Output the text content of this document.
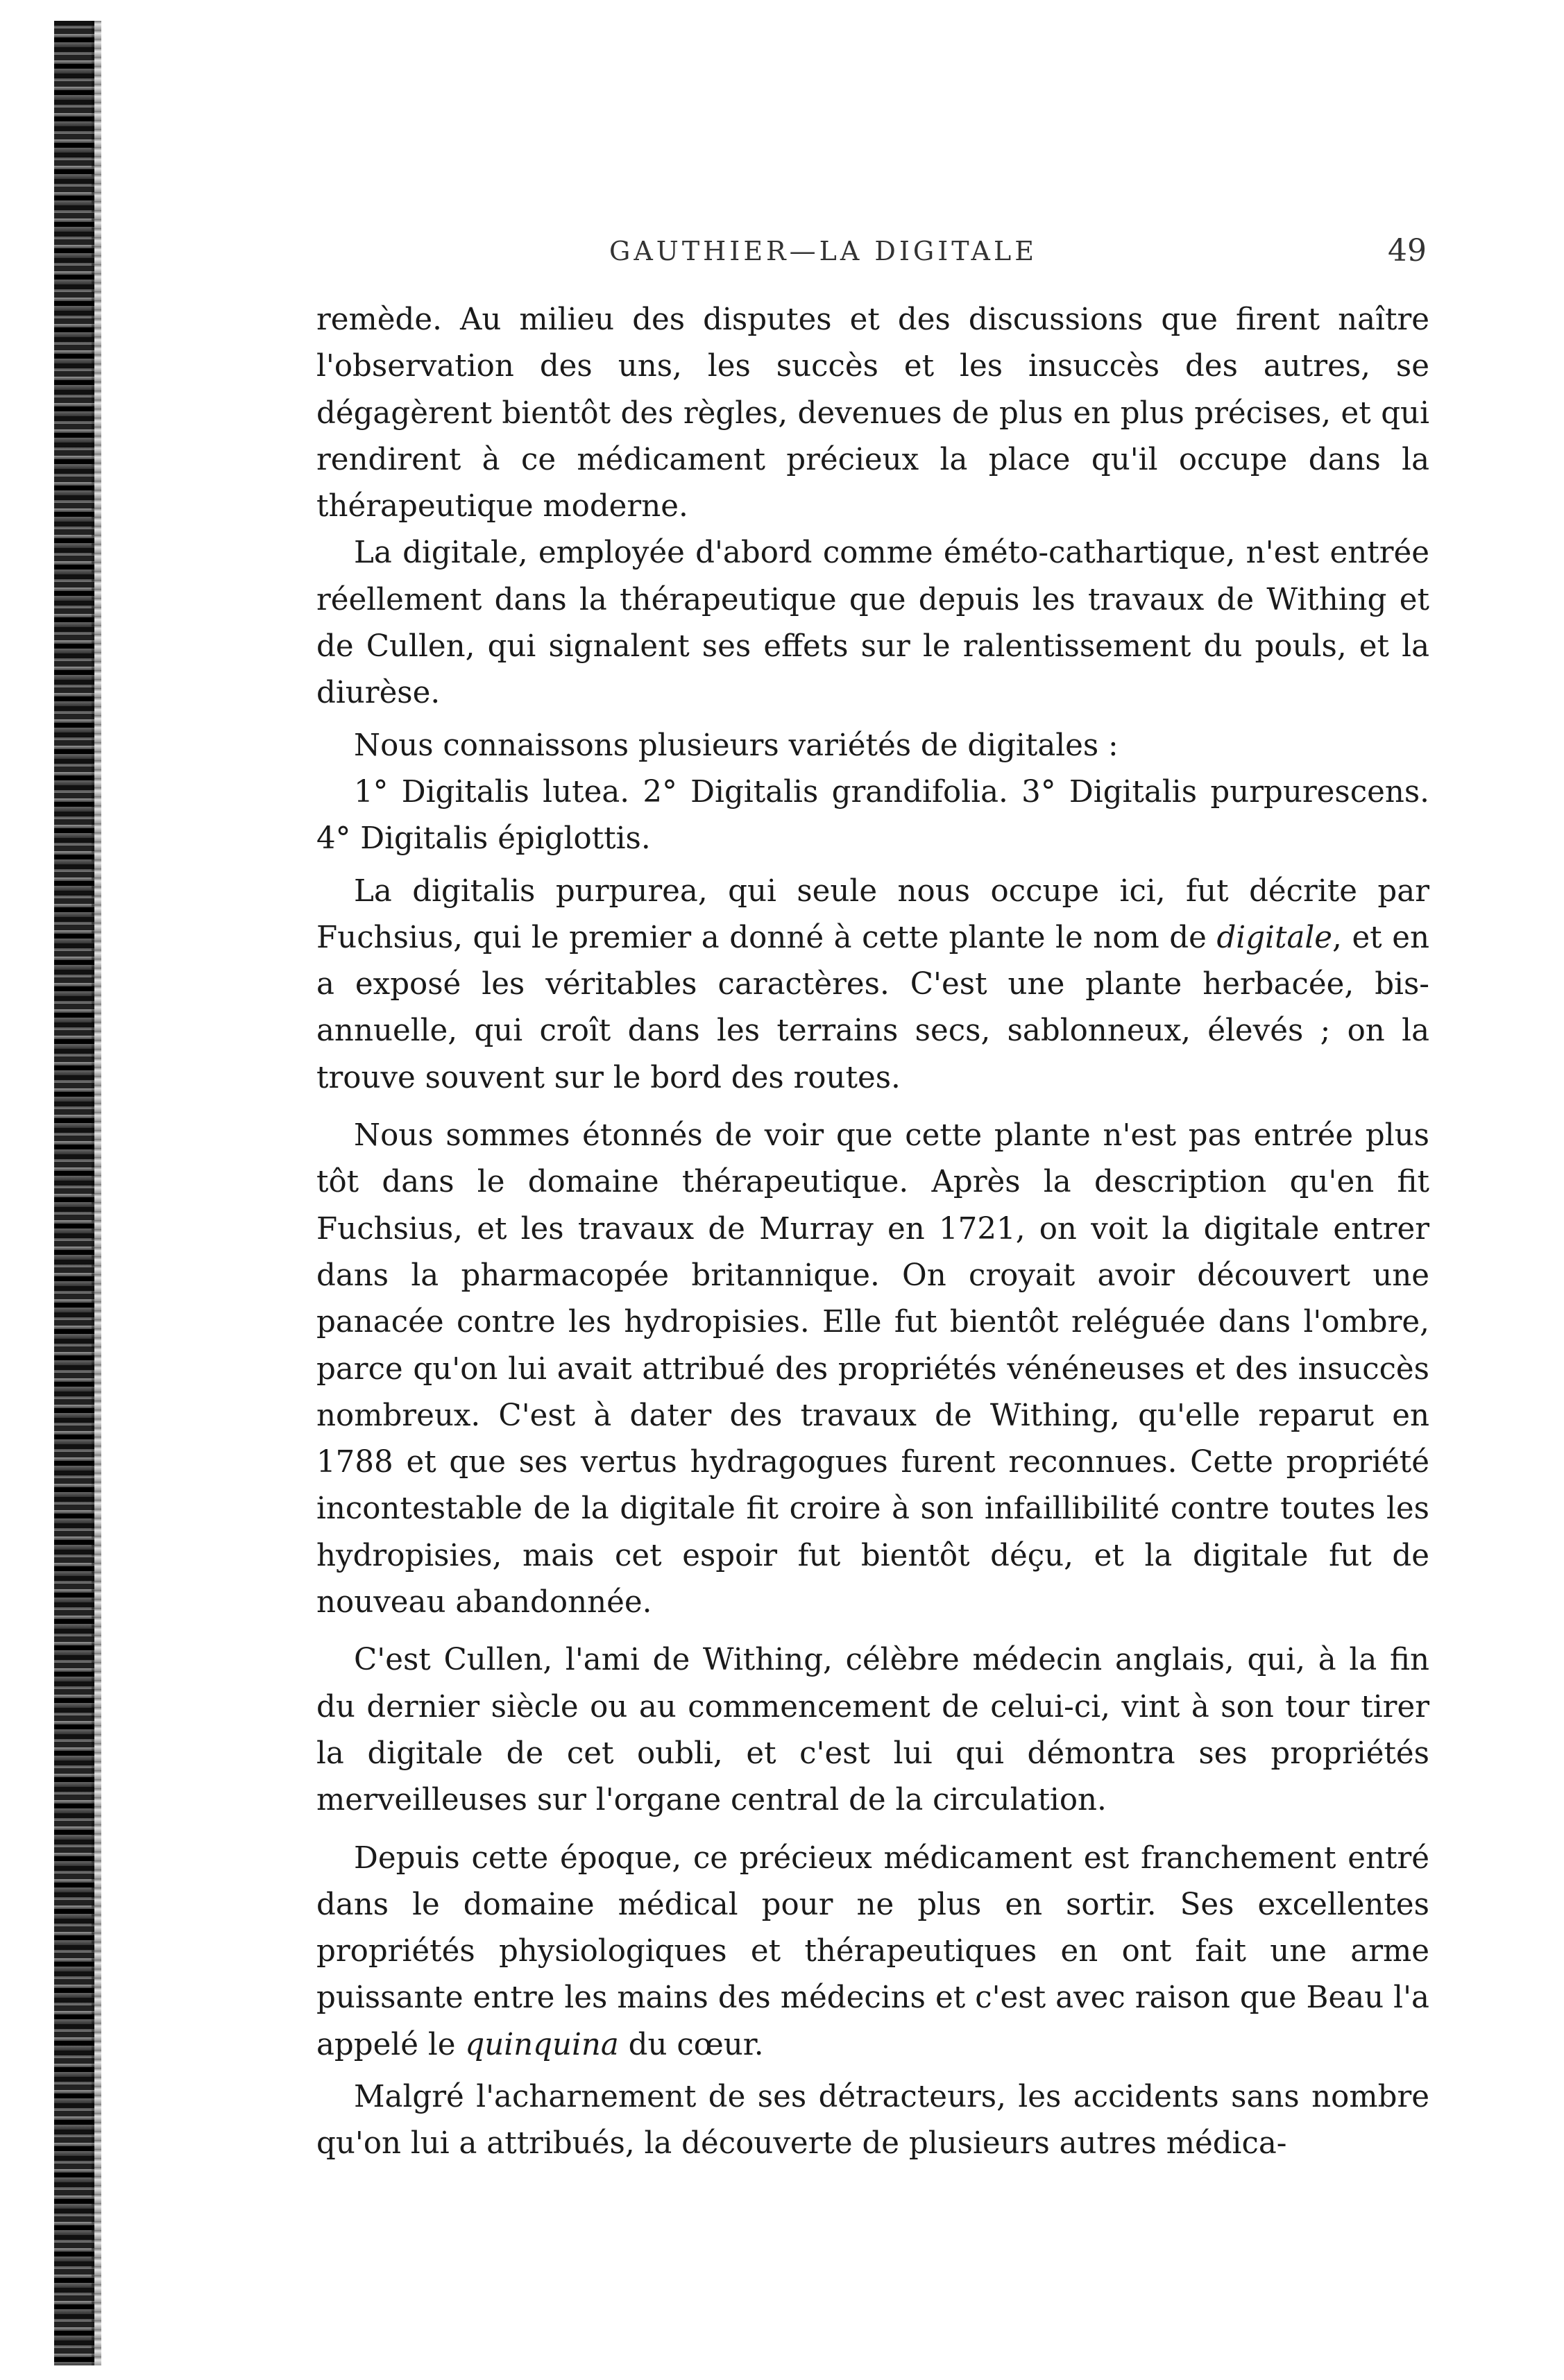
GAUTHIER—LA DIGITALE	49

remède. Au milieu des disputes et des discussions que firent naître l'observation des uns, les succès et les insuccès des autres, se dégagèrent bientôt des règles, devenues de plus en plus précises, et qui rendirent à ce médicament précieux la place qu'il occupe dans la thérapeutique moderne.

La digitale, employée d'abord comme éméto-cathartique, n'est entrée réellement dans la thérapeutique que depuis les travaux de Withing et de Cullen, qui signalent ses effets sur le ralentissement du pouls, et la diurèse.

Nous connaissons plusieurs variétés de digitales :

1° Digitalis lutea. 2° Digitalis grandifolia. 3° Digitalis purpurescens. 4° Digitalis épiglottis.

La digitalis purpurea, qui seule nous occupe ici, fut décrite par Fuchsius, qui le premier a donné à cette plante le nom de digitale, et en a exposé les véritables caractères. C'est une plante herbacée, bis-annuelle, qui croît dans les terrains secs, sablonneux, élevés ; on la trouve souvent sur le bord des routes.

Nous sommes étonnés de voir que cette plante n'est pas entrée plus tôt dans le domaine thérapeutique. Après la description qu'en fit Fuchsius, et les travaux de Murray en 1721, on voit la digitale entrer dans la pharmacopée britannique. On croyait avoir découvert une panacée contre les hydropisies. Elle fut bientôt reléguée dans l'ombre, parce qu'on lui avait attribué des propriétés vénéneuses et des insuccès nombreux. C'est à dater des travaux de Withing, qu'elle reparut en 1788 et que ses vertus hydragogues furent reconnues. Cette propriété incontestable de la digitale fit croire à son infaillibilité contre toutes les hydropisies, mais cet espoir fut bientôt déçu, et la digitale fut de nouveau abandonnée.

C'est Cullen, l'ami de Withing, célèbre médecin anglais, qui, à la fin du dernier siècle ou au commencement de celui-ci, vint à son tour tirer la digitale de cet oubli, et c'est lui qui démontra ses propriétés merveilleuses sur l'organe central de la circulation.

Depuis cette époque, ce précieux médicament est franchement entré dans le domaine médical pour ne plus en sortir. Ses excellentes propriétés physiologiques et thérapeutiques en ont fait une arme puissante entre les mains des médecins et c'est avec raison que Beau l'a appelé le quinquina du cœur.

Malgré l'acharnement de ses détracteurs, les accidents sans nombre qu'on lui a attribués, la découverte de plusieurs autres médica-
